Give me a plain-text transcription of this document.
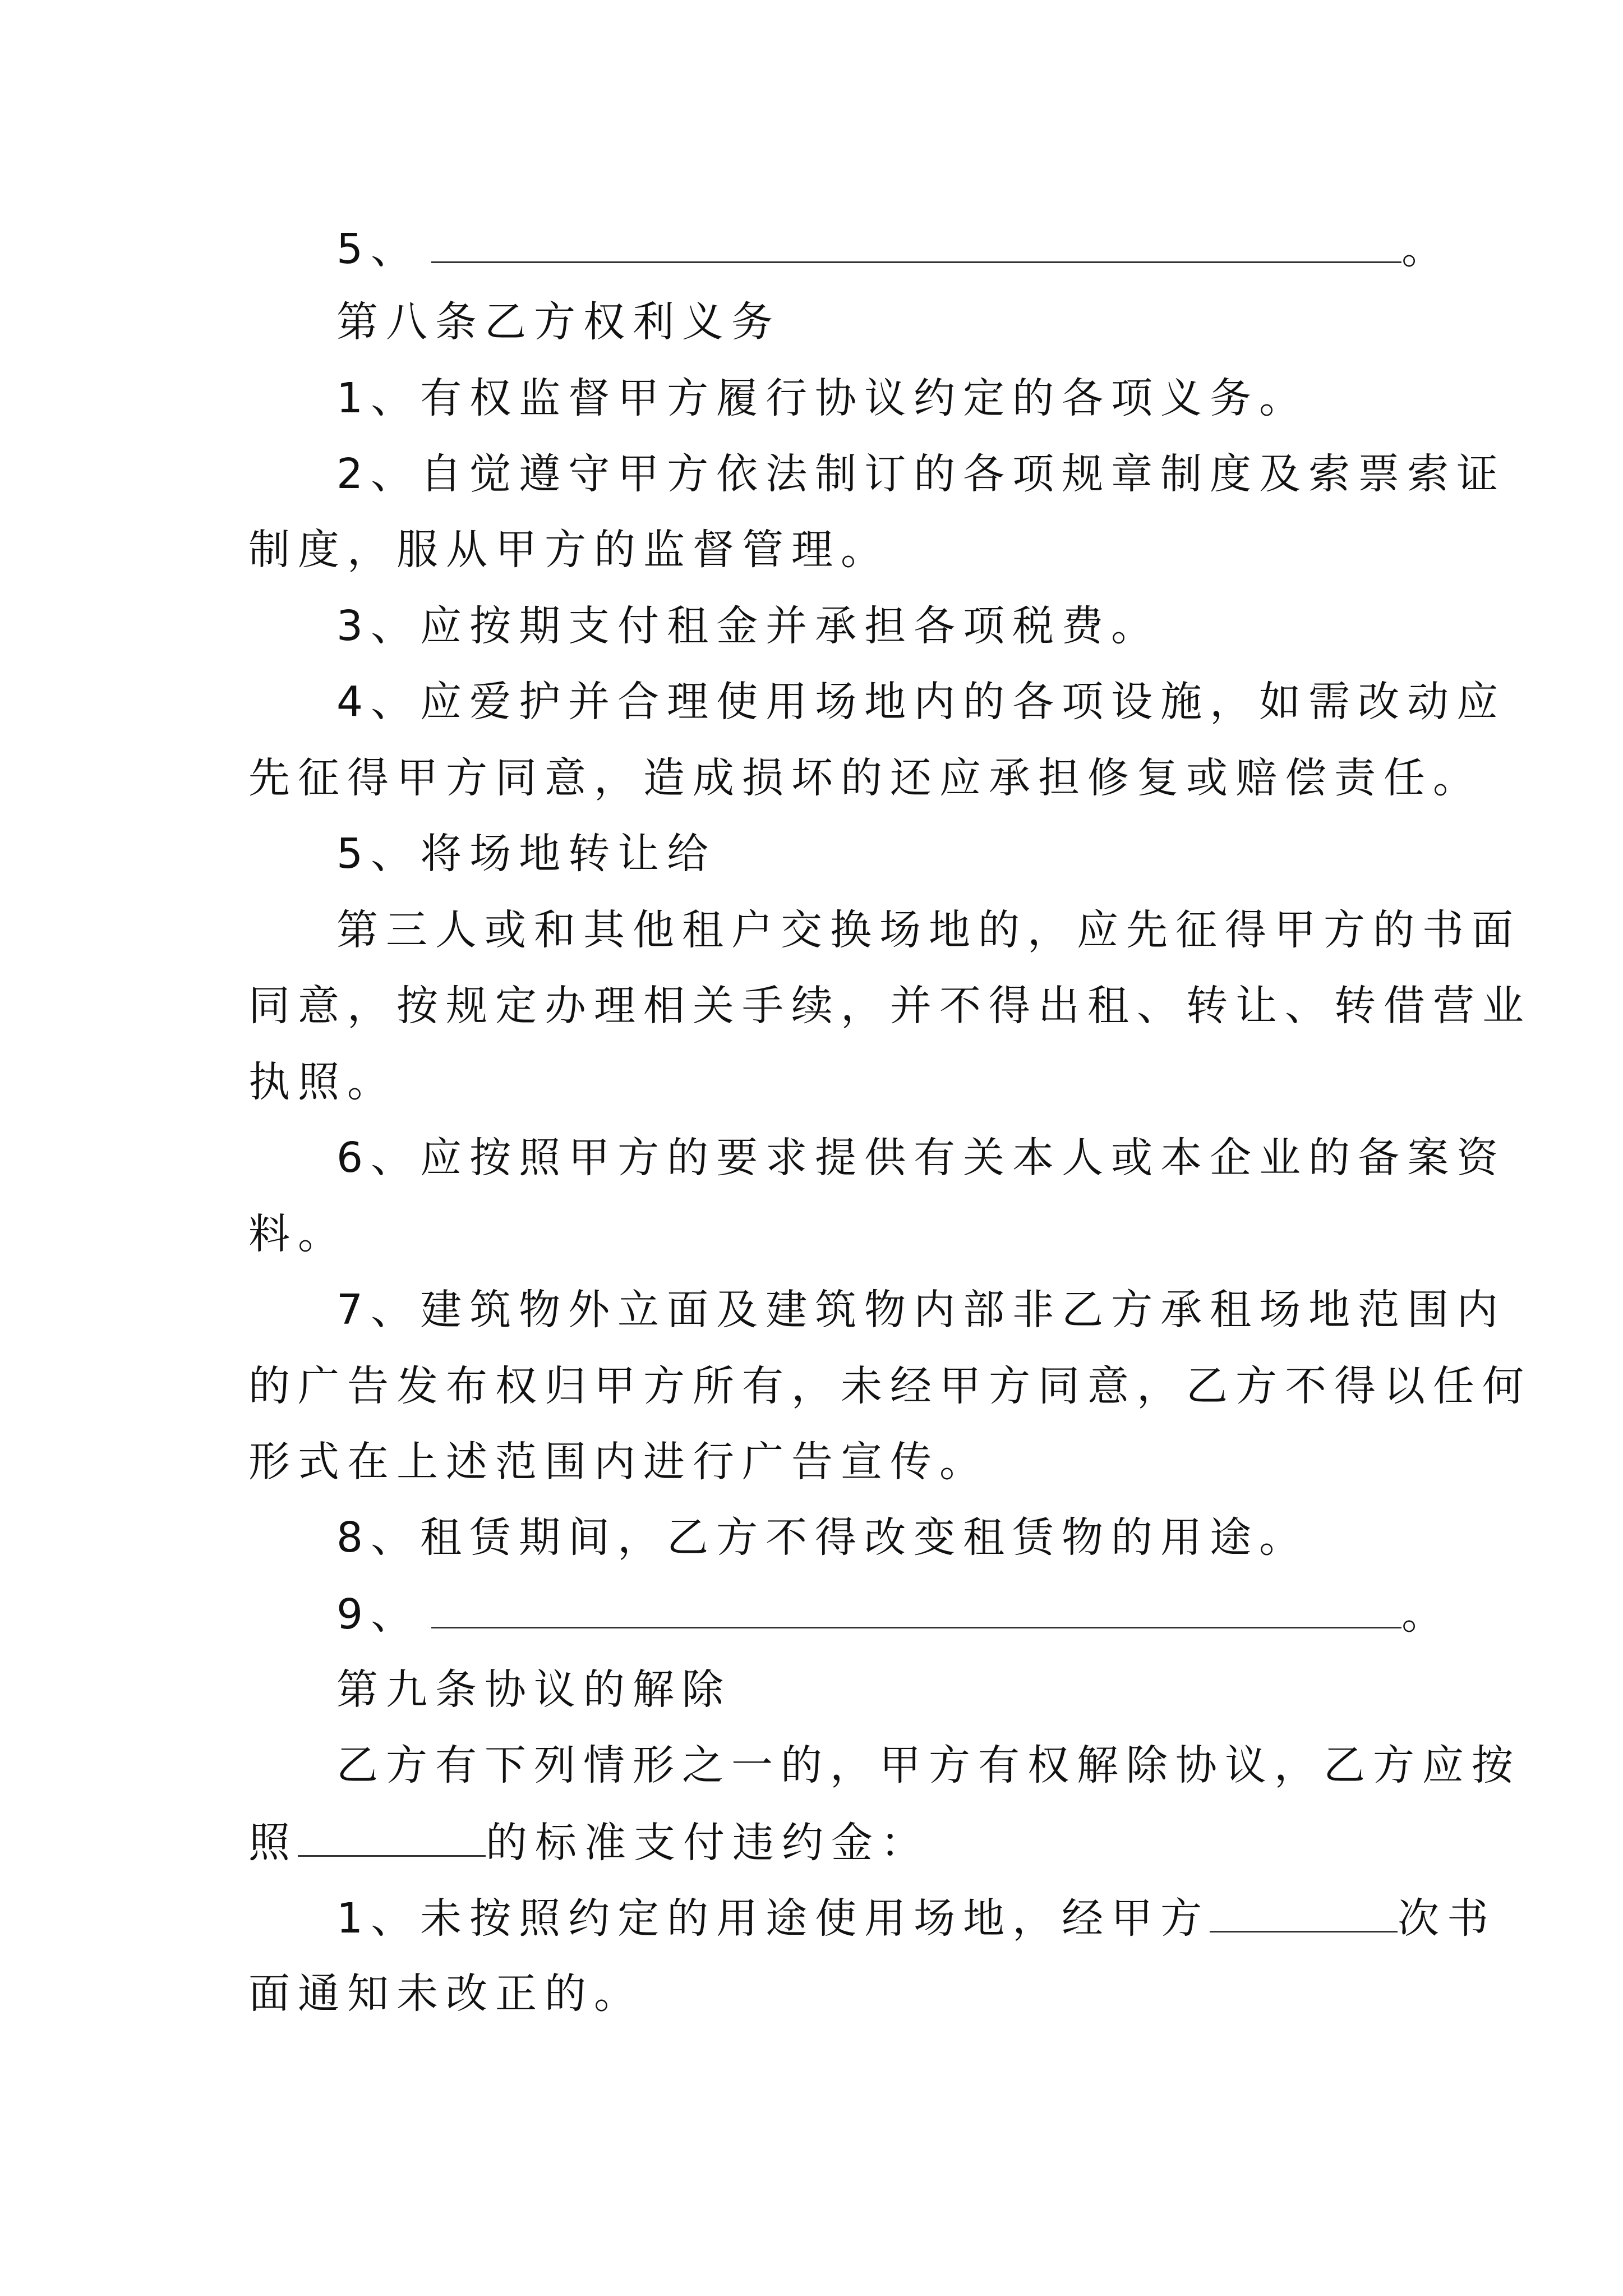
5、	。
第八条乙方权利义务
1、有权监督甲方履行协议约定的各项义务。
2、自觉遵守甲方依法制订的各项规章制度及索票索证
制度，服从甲方的监督管理。
3、应按期支付租金并承担各项税费。
4、应爱护并合理使用场地内的各项设施，如需改动应
先征得甲方同意，造成损坏的还应承担修复或赔偿责任。
5、将场地转让给
第三人或和其他租户交换场地的，应先征得甲方的书面
同意，按规定办理相关手续，并不得出租、转让、转借营业
执照。
6、应按照甲方的要求提供有关本人或本企业的备案资
料。
7、建筑物外立面及建筑物内部非乙方承租场地范围内
的广告发布权归甲方所有，未经甲方同意，乙方不得以任何
形式在上述范围内进行广告宣传。
8、租赁期间，乙方不得改变租赁物的用途。
9、	。
第九条协议的解除
乙方有下列情形之一的，甲方有权解除协议，乙方应按
照	的标准支付违约金：
1、未按照约定的用途使用场地，经甲方	次书
面通知未改正的。
